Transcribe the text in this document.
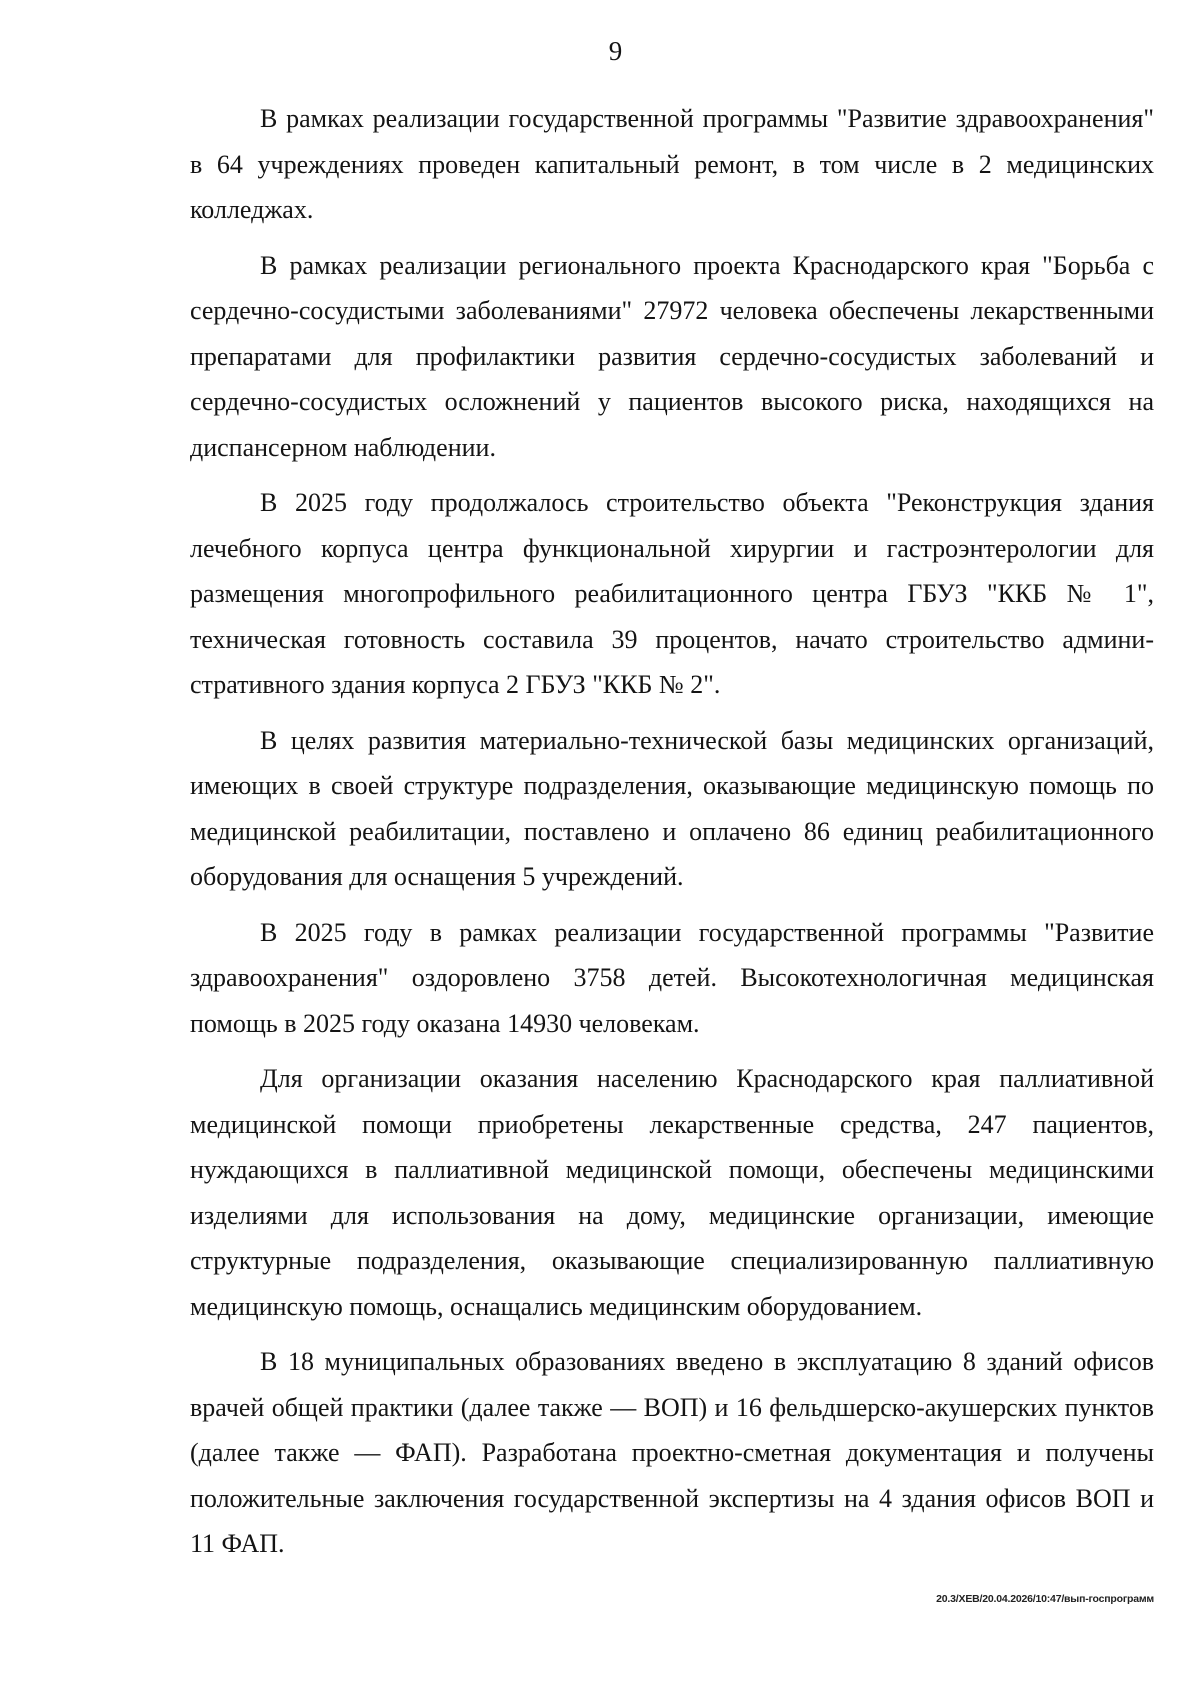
9

В рамках реализации государственной программы "Развитие здравоохранения" в 64 учреждениях проведен капитальный ремонт, в том числе в 2 медицинских колледжах.

В рамках реализации регионального проекта Краснодарского края "Борьба с сердечно-сосудистыми заболеваниями" 27972 человека обеспечены лекарственными препаратами для профилактики развития сердечно-сосудистых заболеваний и сердечно-сосудистых осложнений у пациентов высокого риска, находящихся на диспансерном наблюдении.

В 2025 году продолжалось строительство объекта "Реконструкция здания лечебного корпуса центра функциональной хирургии и гастроэнтерологии для размещения многопрофильного реабилитационного центра ГБУЗ "ККБ № 1", техническая готовность составила 39 процентов, начато строительство административного здания корпуса 2 ГБУЗ "ККБ № 2".

В целях развития материально-технической базы медицинских организаций, имеющих в своей структуре подразделения, оказывающие медицинскую помощь по медицинской реабилитации, поставлено и оплачено 86 единиц реабилитационного оборудования для оснащения 5 учреждений.

В 2025 году в рамках реализации государственной программы "Развитие здравоохранения" оздоровлено 3758 детей. Высокотехнологичная медицинская помощь в 2025 году оказана 14930 человекам.

Для организации оказания населению Краснодарского края паллиативной медицинской помощи приобретены лекарственные средства, 247 пациентов, нуждающихся в паллиативной медицинской помощи, обеспечены медицинскими изделиями для использования на дому, медицинские организации, имеющие структурные подразделения, оказывающие специализированную паллиативную медицинскую помощь, оснащались медицинским оборудованием.

В 18 муниципальных образованиях введено в эксплуатацию 8 зданий офисов врачей общей практики (далее также — ВОП) и 16 фельдшерско-акушерских пунктов (далее также — ФАП). Разработана проектно-сметная документация и получены положительные заключения государственной экспертизы на 4 здания офисов ВОП и 11 ФАП.

20.3/ХЕВ/20.04.2026/10:47/вып-госпрограмм
